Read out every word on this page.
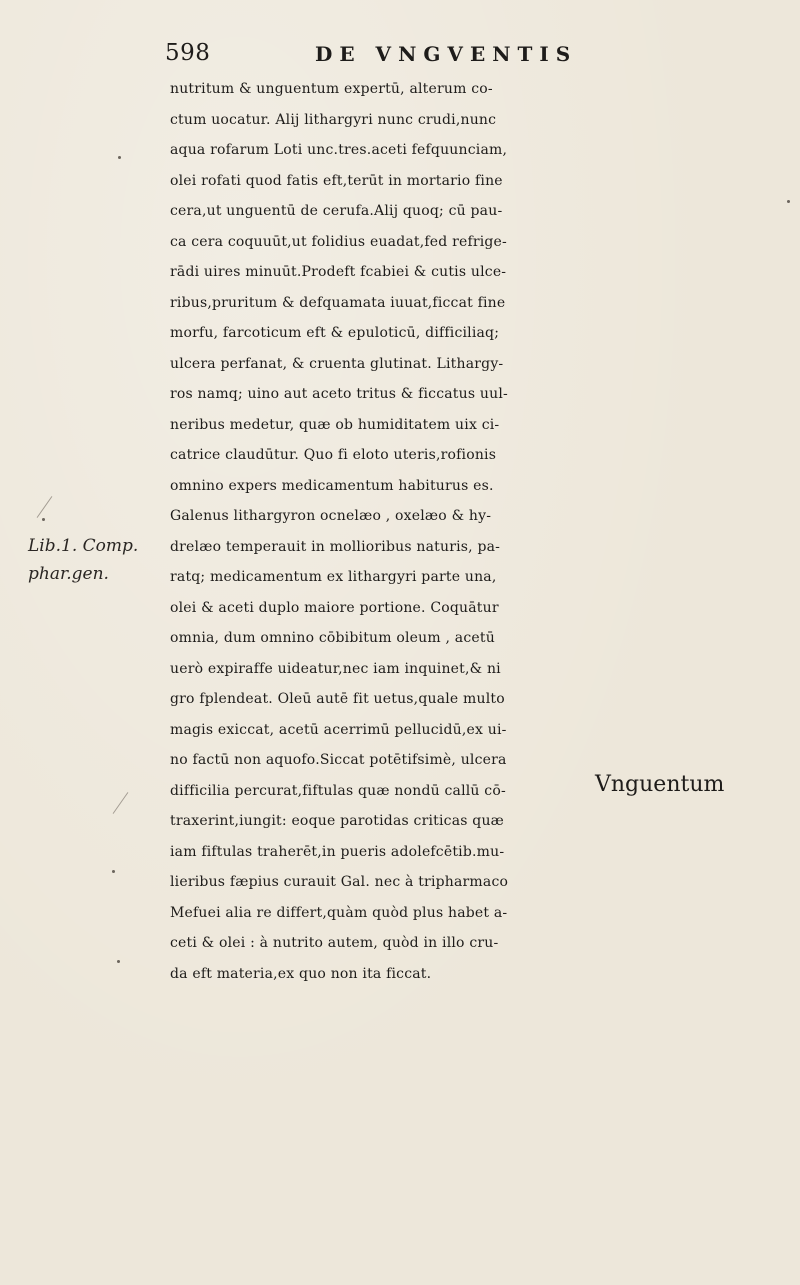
598	DE VNGVENTIS
Lib.1. Comp.
phar.gen.
nutritum & unguentum expertū, alterum co-
ctum uocatur. Alij lithargyri nunc crudi,nunc
aqua rofarum Loti unc.tres.aceti fefquunciam,
olei rofati quod fatis eft,terūt in mortario fine
cera,ut unguentū de cerufa.Alij quoq; cū pau-
ca cera coquuūt,ut folidius euadat,fed refrige-
rādi uires minuūt.Prodeft fcabiei & cutis ulce-
ribus,pruritum & defquamata iuuat,ficcat fine
morfu, farcoticum eft & epuloticū, difficiliaq;
ulcera perfanat, & cruenta glutinat. Lithargy-
ros namq; uino aut aceto tritus & ficcatus uul-
neribus medetur, quæ ob humiditatem uix ci-
catrice claudūtur. Quo fi eloto uteris,rofionis
omnino expers medicamentum habiturus es.
Galenus lithargyron ocnelæo , oxelæo & hy-
drelæo temperauit in mollioribus naturis, pa-
ratq; medicamentum ex lithargyri parte una,
olei & aceti duplo maiore portione. Coquātur
omnia, dum omnino cōbibitum oleum , acetū
uerò expiraffe uideatur,nec iam inquinet,& ni
gro fplendeat. Oleū autē fit uetus,quale multo
magis exiccat, acetū acerrimū pellucidū,ex ui-
no factū non aquofo.Siccat potētifsimè, ulcera
difficilia percurat,fiftulas quæ nondū callū cō-
traxerint,iungit: eoque parotidas criticas quæ
iam fiftulas traherēt,in pueris adolefcētib.mu-
lieribus fæpius curauit Gal. nec à tripharmaco
Mefuei alia re differt,quàm quòd plus habet a-
ceti & olei : à nutrito autem, quòd in illo cru-
da eft materia,ex quo non ita ficcat.
Vnguentum
